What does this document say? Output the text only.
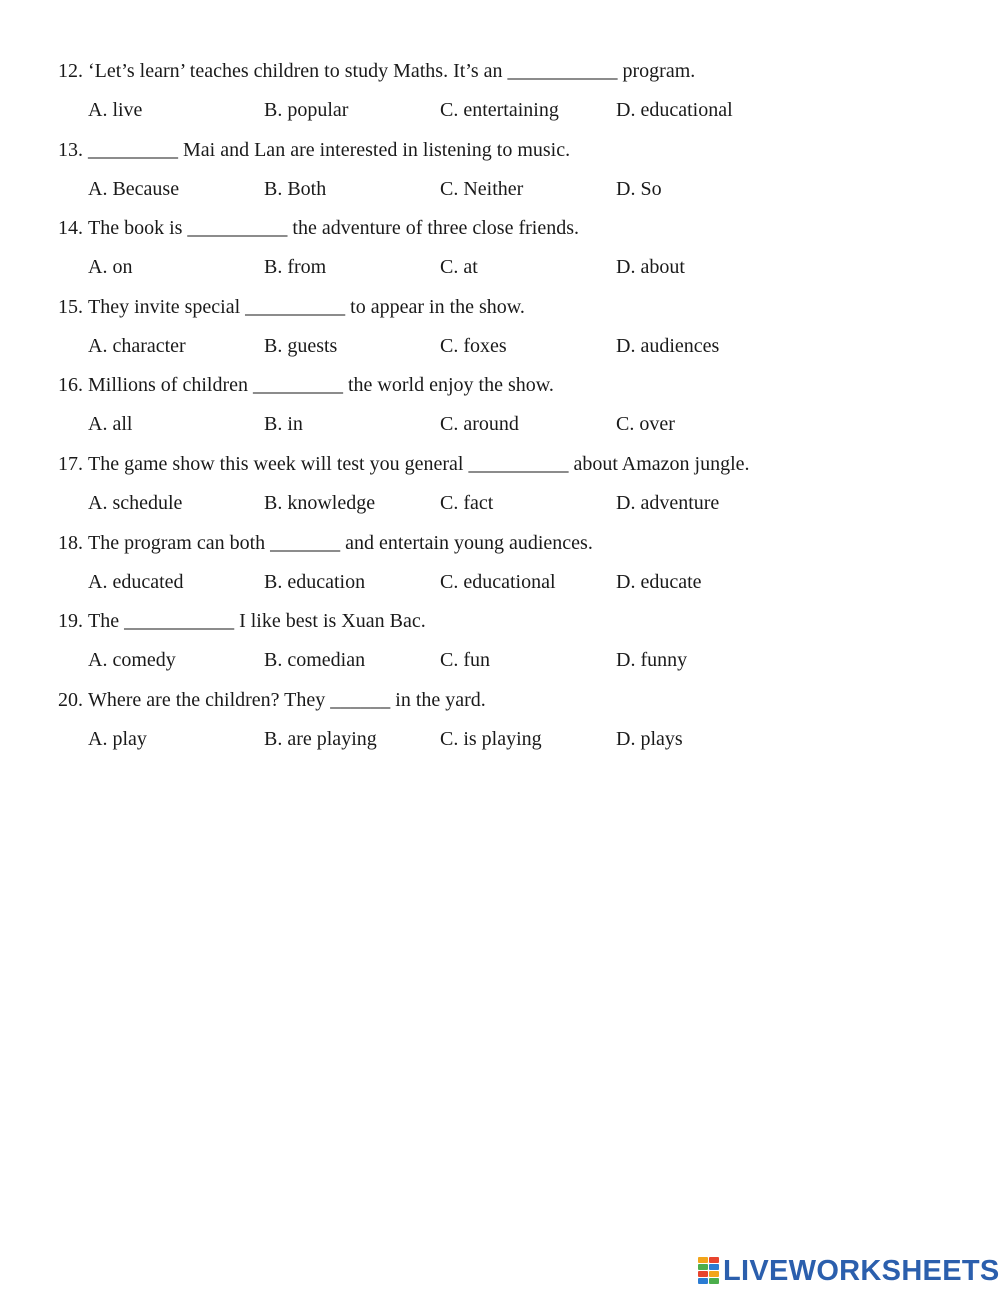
12. ‘Let’s learn’ teaches children to study Maths. It’s an ___________ program.
A. live	B. popular	C. entertaining	D. educational
13. _________ Mai and Lan are interested in listening to music.
A. Because	B. Both	C. Neither	D. So
14. The book is __________ the adventure of three close friends.
A. on	B. from	C. at	D. about
15. They invite special __________ to appear in the show.
A. character	B. guests	C. foxes	D. audiences
16. Millions of children _________ the world enjoy the show.
A. all	B. in	C. around	C. over
17. The game show this week will test you general __________ about Amazon jungle.
A. schedule	B. knowledge	C. fact	D. adventure
18. The program can both _______ and entertain young audiences.
A. educated	B. education	C. educational	D. educate
19. The ___________ I like best is Xuan Bac.
A. comedy	B. comedian	C. fun	D. funny
20. Where are the children? They ______ in the yard.
A. play	B. are playing	C. is playing	D. plays
LIVEWORKSHEETS
